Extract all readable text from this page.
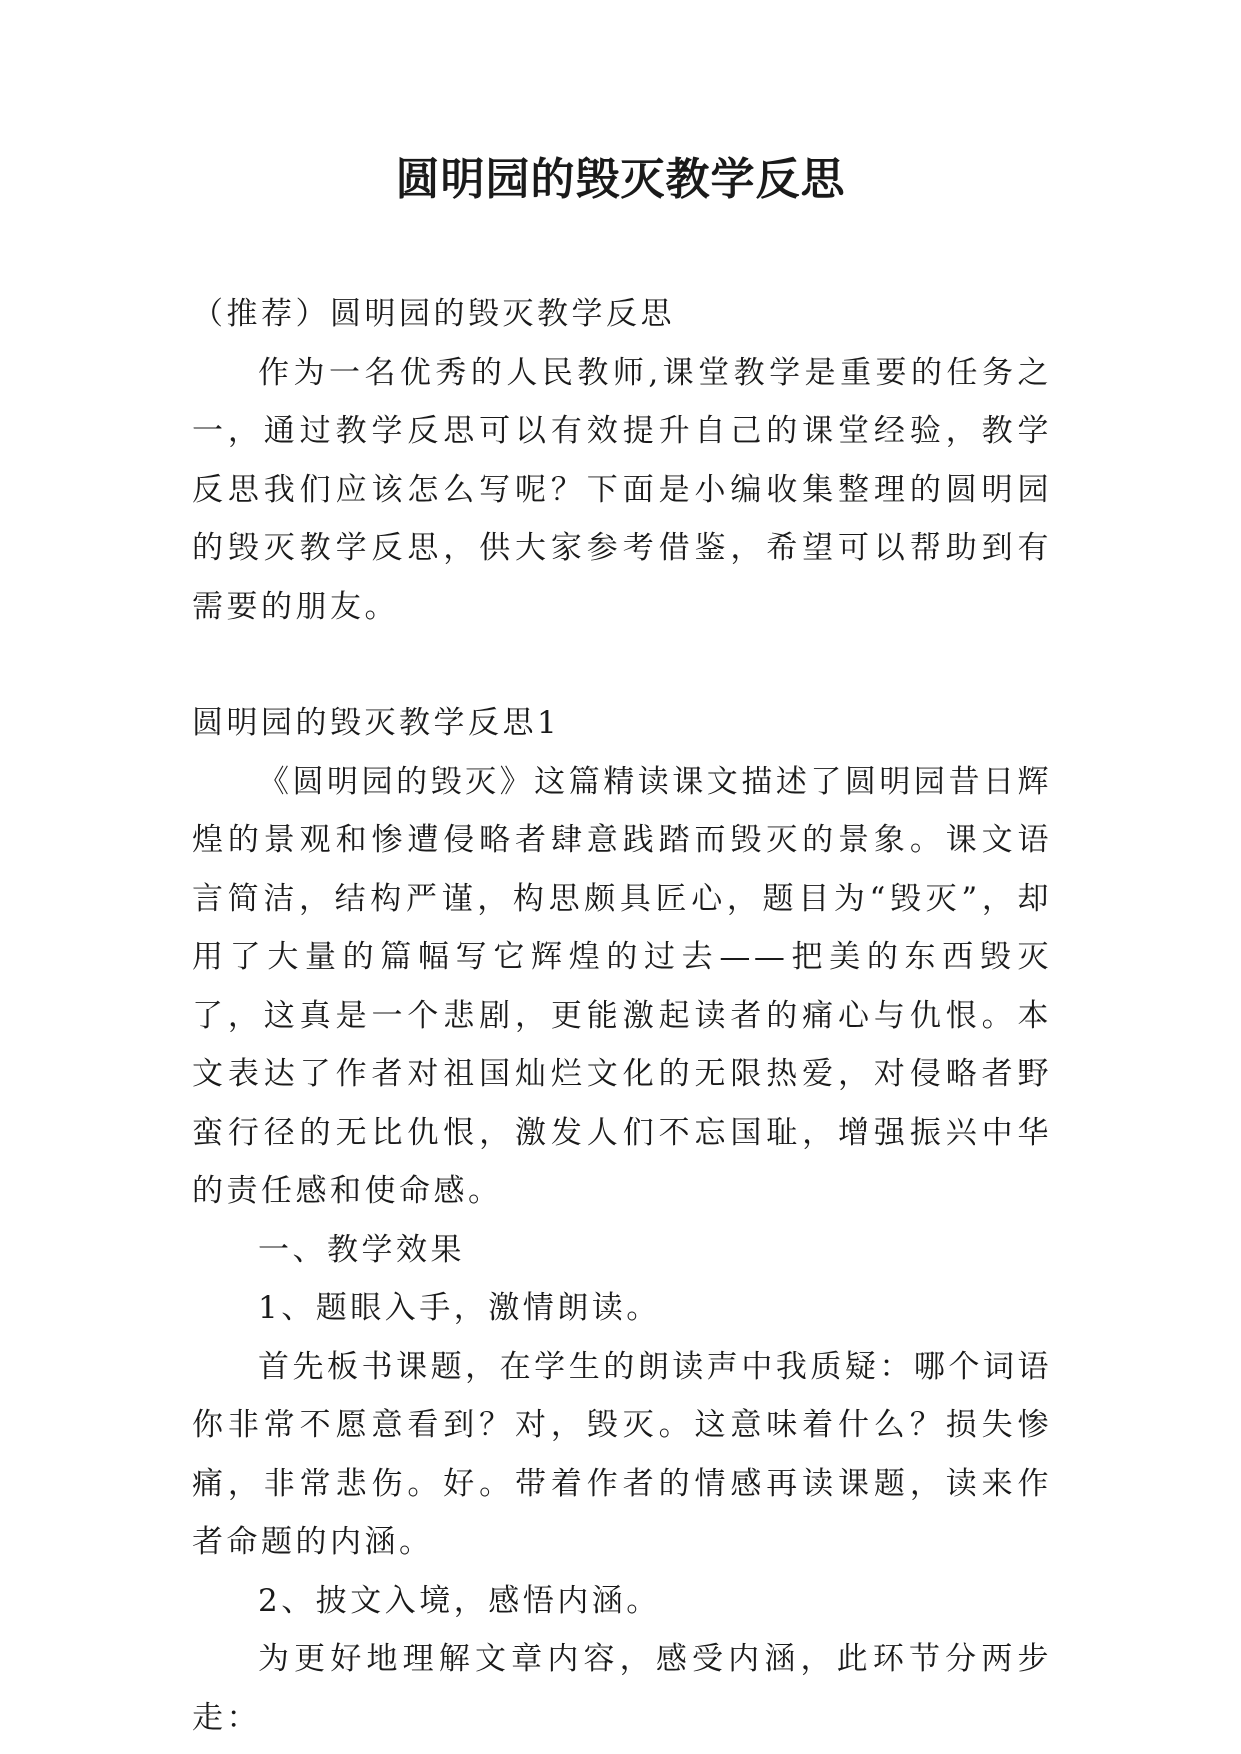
圆明园的毁灭教学反思

（推荐）圆明园的毁灭教学反思

作为一名优秀的人民教师,课堂教学是重要的任务之一，通过教学反思可以有效提升自己的课堂经验，教学反思我们应该怎么写呢？下面是小编收集整理的圆明园的毁灭教学反思，供大家参考借鉴，希望可以帮助到有需要的朋友。

圆明园的毁灭教学反思1

《圆明园的毁灭》这篇精读课文描述了圆明园昔日辉煌的景观和惨遭侵略者肆意践踏而毁灭的景象。课文语言简洁，结构严谨，构思颇具匠心，题目为“毁灭”，却用了大量的篇幅写它辉煌的过去——把美的东西毁灭了，这真是一个悲剧，更能激起读者的痛心与仇恨。本文表达了作者对祖国灿烂文化的无限热爱，对侵略者野蛮行径的无比仇恨，激发人们不忘国耻，增强振兴中华的责任感和使命感。

一、教学效果

1、题眼入手，激情朗读。

首先板书课题，在学生的朗读声中我质疑：哪个词语你非常不愿意看到？对，毁灭。这意味着什么？损失惨痛，非常悲伤。好。带着作者的情感再读课题，读来作者命题的内涵。

2、披文入境，感悟内涵。

为更好地理解文章内容，感受内涵，此环节分两步走：
